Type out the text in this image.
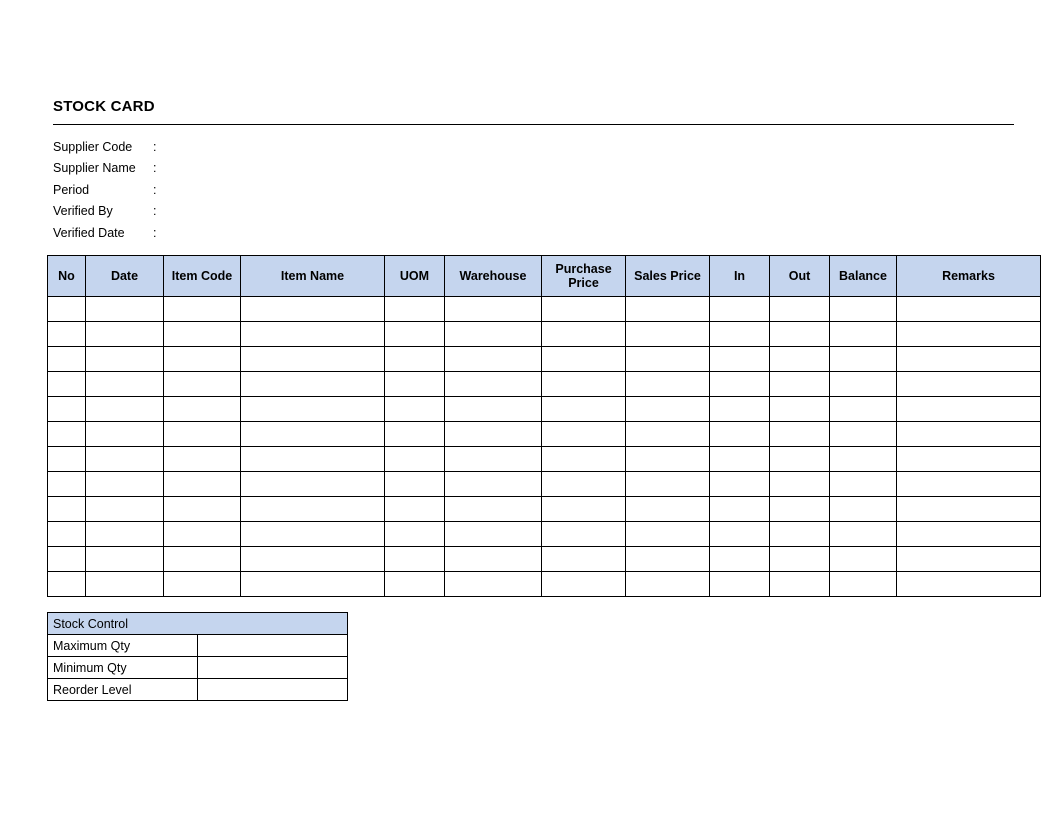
STOCK CARD
Supplier Code	:
Supplier Name	:
Period	:
Verified By	:
Verified Date	:
No	Date	Item Code	Item Name	UOM	Warehouse	Purchase Price	Sales Price	In	Out	Balance	Remarks

Stock Control	
Maximum Qty	
Minimum Qty	
Reorder Level	
